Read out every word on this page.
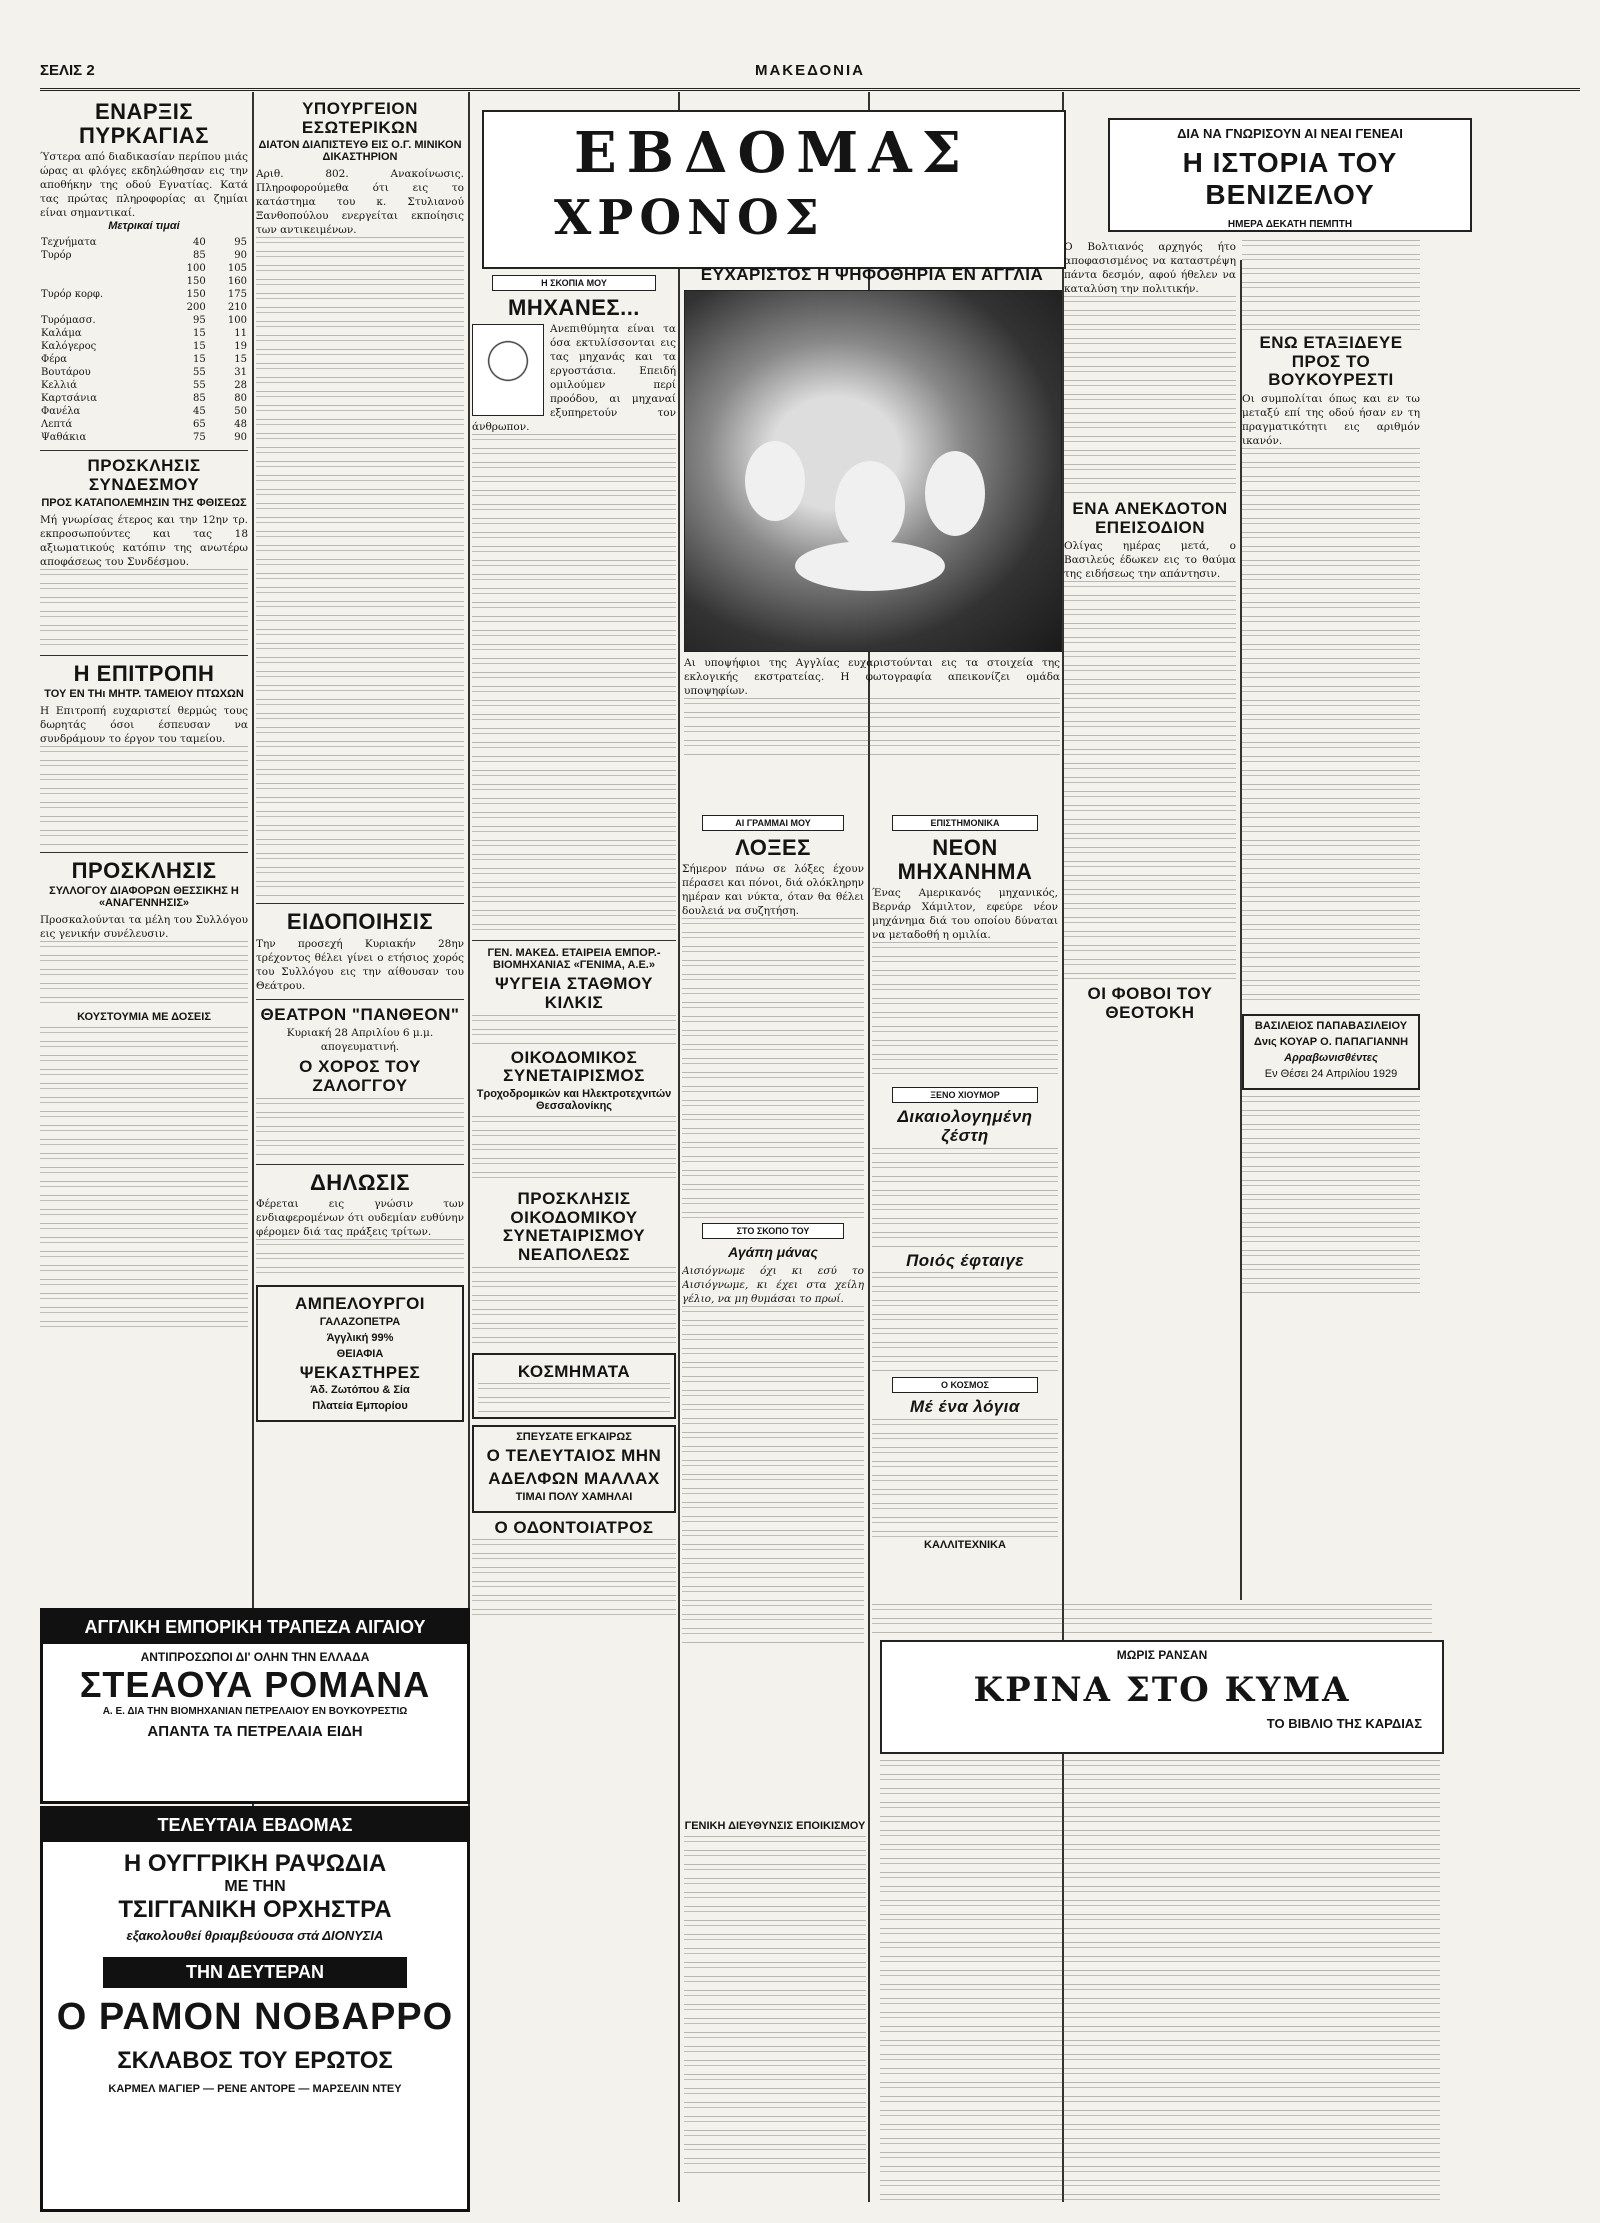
ΣΕΛΙΣ 2	ΜΑΚΕΔΟΝΙΑ
ΕΝΑΡΞΙΣ ΠΥΡΚΑΓΙΑΣ

Ύστερα από διαδικασίαν περίπου μιάς ώρας αι φλόγες εκδηλώθησαν εις την αποθήκην της οδού Εγνατίας. Κατά τας πρώτας πληροφορίας αι ζημίαι είναι σημαντικαί.

Μετρικαί τιμαί
Τεχνήματα	40	95
Τυρόρ	85	90
	100	105
	150	160
Τυρόρ κορφ.	150	175
	200	210
Τυρόμασσ.	95	100
Καλάμα	15	11
Καλόγερος	15	19
Φέρα	15	15
Βουτάρου	55	31
Κελλιά	55	28
Καρτσάνια	85	80
Φανέλα	45	50
Λεπτά	65	48
Ψαθάκια	75	90
ΠΡΟΣΚΛΗΣΙΣ ΣΥΝΔΕΣΜΟΥ
ΠΡΟΣ ΚΑΤΑΠΟΛΕΜΗΣΙΝ ΤΗΣ ΦΘΙΣΕΩΣ

Μή γνωρίσας έτερος και την 12ην τρ. εκπροσωπούντες και τας 18 αξιωματικούς κατόπιν της ανωτέρω αποφάσεως του Συνδέσμου.

Η ΕΠΙΤΡΟΠΗ
ΤΟΥ ΕΝ ΤΗι ΜΗΤΡ. ΤΑΜΕΙΟΥ ΠΤΩΧΩΝ

Η Επιτροπή ευχαριστεί θερμώς τους δωρητάς όσοι έσπευσαν να συνδράμουν το έργον του ταμείου.

ΠΡΟΣΚΛΗΣΙΣ
ΣΥΛΛΟΓΟΥ ΔΙΑΦΟΡΩΝ ΘΕΣΣΙΚΗΣ Η «ΑΝΑΓΕΝΝΗΣΙΣ»

Προσκαλούνται τα μέλη του Συλλόγου εις γενικήν συνέλευσιν.

ΚΟΥΣΤΟΥΜΙΑ ΜΕ ΔΟΣΕΙΣ
ΥΠΟΥΡΓΕΙΟΝ ΕΣΩΤΕΡΙΚΩΝ
ΔΙΑΤΟΝ ΔΙΑΠΙΣΤΕΥΘ ΕΙΣ Ο.Γ. ΜΙΝΙΚΟΝ ΔΙΚΑΣΤΗΡΙΟΝ

Αριθ. 802. Ανακοίνωσις. Πληροφορούμεθα ότι εις το κατάστημα του κ. Στυλιανού Ξανθοπούλου ενεργείται εκποίησις των αντικειμένων.

ΕΙΔΟΠΟΙΗΣΙΣ

Την προσεχή Κυριακήν 28ην τρέχοντος θέλει γίνει ο ετήσιος χορός του Συλλόγου εις την αίθουσαν του Θεάτρου.

ΘΕΑΤΡΟΝ "ΠΑΝΘΕΟΝ"

Κυριακή 28 Απριλίου 6 μ.μ. απογευματινή.

Ο ΧΟΡΟΣ ΤΟΥ ΖΑΛΟΓΓΟΥ
ΔΗΛΩΣΙΣ

Φέρεται εις γνώσιν των ενδιαφερομένων ότι ουδεμίαν ευθύνην φέρομεν διά τας πράξεις τρίτων.

ΑΜΠΕΛΟΥΡΓΟΙ
ΓΑΛΑΖΟΠΕΤΡΑ
Άγγλική 99%
ΘΕΙΑΦΙΑ
ΨΕΚΑΣΤΗΡΕΣ
Άδ. Ζωτόπου & Σία
Πλατεία Εμπορίου
ΕΒΔΟΜΑΣ
ΧΡΟΝΟΣ
Η ΣΚΟΠΙΑ ΜΟΥ
ΜΗΧΑΝΕΣ...

Ανεπιθύμητα είναι τα όσα εκτυλίσσονται εις τας μηχανάς και τα εργοστάσια. Επειδή ομιλούμεν περί προόδου, αι μηχαναί εξυπηρετούν τον άνθρωπον.

ΓΕΝ. ΜΑΚΕΔ. ΕΤΑΙΡΕΙΑ ΕΜΠΟΡ.-ΒΙΟΜΗΧΑΝΙΑΣ «ΓΕΝΙΜΑ, Α.Ε.»
ΨΥΓΕΙΑ ΣΤΑΘΜΟΥ ΚΙΛΚΙΣ
ΟΙΚΟΔΟΜΙΚΟΣ ΣΥΝΕΤΑΙΡΙΣΜΟΣ
Τροχοδρομικών και Ηλεκτροτεχνιτών Θεσσαλονίκης
ΠΡΟΣΚΛΗΣΙΣ ΟΙΚΟΔΟΜΙΚΟΥ ΣΥΝΕΤΑΙΡΙΣΜΟΥ ΝΕΑΠΟΛΕΩΣ
ΚΟΣΜΗΜΑΤΑ
ΣΠΕΥΣΑΤΕ ΕΓΚΑΙΡΩΣ
Ο ΤΕΛΕΥΤΑΙΟΣ ΜΗΝ
ΑΔΕΛΦΩΝ ΜΑΛΛΑΧ
ΤΙΜΑΙ ΠΟΛΥ ΧΑΜΗΛΑΙ
Ο ΟΔΟΝΤΟΙΑΤΡΟΣ
ΕΥΧΑΡΙΣΤΟΣ Η ΨΗΦΟΘΗΡΙΑ ΕΝ ΑΓΓΛΙΑ

Αι υποψήφιοι της Αγγλίας ευχαριστούνται εις τα στοιχεία της εκλογικής εκστρατείας. Η φωτογραφία απεικονίζει ομάδα υποψηφίων.

ΑΙ ΓΡΑΜΜΑΙ ΜΟΥ
ΛΟΞΕΣ

Σήμερον πάνω σε λόξες έχουν πέρασει και πόνοι, διά ολόκληρην ημέραν και νύκτα, όταν θα θέλει δουλειά να συζητήση.

ΣΤΟ ΣΚΟΠΟ ΤΟΥ
Αγάπη μάνας

Αισιόγνωμε όχι κι εσύ το Αισιόγνωμε, κι έχει στα χείλη γέλιο, να μη θυμάσαι το πρωί.

ΕΠΙΣΤΗΜΟΝΙΚΑ
ΝΕΟΝ ΜΗΧΑΝΗΜΑ

Ένας Αμερικανός μηχανικός, Βερνάρ Χάμιλτον, εφεύρε νέον μηχάνημα διά του οποίου δύναται να μεταδοθή η ομιλία.

ΞΕΝΟ ΧΙΟΥΜΟΡ
Δικαιολογημένη ζέστη
Ποιός έφταιγε
Ο ΚΟΣΜΟΣ
Μέ ένα λόγια
ΚΑΛΛΙΤΕΧΝΙΚΑ
ΔΙΑ ΝΑ ΓΝΩΡΙΣΟΥΝ ΑΙ ΝΕΑΙ ΓΕΝΕΑΙ
Η ΙΣΤΟΡΙΑ ΤΟΥ ΒΕΝΙΖΕΛΟΥ
ΗΜΕΡΑ ΔΕΚΑΤΗ ΠΕΜΠΤΗ

Ο Βολτιανός αρχηγός ήτο αποφασισμένος να καταστρέψη πάντα δεσμόν, αφού ήθελεν να καταλύση την πολιτικήν.

ΕΝΑ ΑΝΕΚΔΟΤΟΝ ΕΠΕΙΣΟΔΙΟΝ

Ολίγας ημέρας μετά, ο Βασιλεύς έδωκεν εις το θαύμα της ειδήσεως την απάντησιν.

ΟΙ ΦΟΒΟΙ ΤΟΥ ΘΕΟΤΟΚΗ
ΕΝΩ ΕΤΑΞΙΔΕΥΕ ΠΡΟΣ ΤΟ ΒΟΥΚΟΥΡΕΣΤΙ

Οι συμπολίται όπως και εν τω μεταξύ επί της οδού ήσαν εν τη πραγματικότητι εις αριθμόν ικανόν.

ΒΑΣΙΛΕΙΟΣ ΠΑΠΑΒΑΣΙΛΕΙΟΥ
Δνις ΚΟΥΑΡ Ο. ΠΑΠΑΓΙΑΝΝΗ
Αρραβωνισθέντες
Εν Θέσει 24 Απριλίου 1929
ΜΩΡΙΣ ΡΑΝΣΑΝ
ΚΡΙΝΑ ΣΤΟ ΚΥΜΑ
ΤΟ ΒΙΒΛΙΟ ΤΗΣ ΚΑΡΔΙΑΣ
ΓΕΝΙΚΗ ΔΙΕΥΘΥΝΣΙΣ ΕΠΟΙΚΙΣΜΟΥ
ΑΓΓΛΙΚΗ ΕΜΠΟΡΙΚΗ ΤΡΑΠΕΖΑ ΑΙΓΑΙΟΥ
ΑΝΤΙΠΡΟΣΩΠΟΙ ΔΙ' ΟΛΗΝ ΤΗΝ ΕΛΛΑΔΑ
ΣΤΕΑΟΥΑ ΡΟΜΑΝΑ
Α. Ε. ΔΙΑ ΤΗΝ ΒΙΟΜΗΧΑΝΙΑΝ ΠΕΤΡΕΛΑΙΟΥ ΕΝ ΒΟΥΚΟΥΡΕΣΤΙΩ
ΑΠΑΝΤΑ ΤΑ ΠΕΤΡΕΛΑΙΑ ΕΙΔΗ
ΤΕΛΕΥΤΑΙΑ ΕΒΔΟΜΑΣ
Η ΟΥΓΓΡΙΚΗ ΡΑΨΩΔΙΑ
ΜΕ ΤΗΝ
ΤΣΙΓΓΑΝΙΚΗ ΟΡΧΗΣΤΡΑ
εξακολουθεί θριαμβεύουσα στά ΔΙΟΝΥΣΙΑ
ΤΗΝ ΔΕΥΤΕΡΑΝ
Ο ΡΑΜΟΝ ΝΟΒΑΡΡΟ
ΣΚΛΑΒΟΣ ΤΟΥ ΕΡΩΤΟΣ
ΚΑΡΜΕΛ ΜΑΓΙΕΡ — ΡΕΝΕ ΑΝΤΟΡΕ — ΜΑΡΣΕΛΙΝ ΝΤΕΥ
